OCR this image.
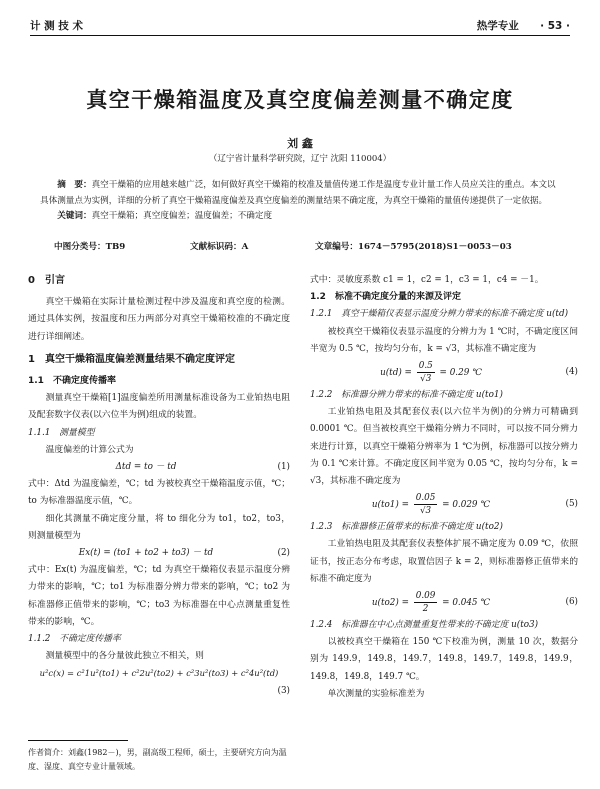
计 测 技 术	热学专业 · 53 ·
真空干燥箱温度及真空度偏差测量不确定度
刘 鑫
（辽宁省计量科学研究院，辽宁 沈阳 110004）
摘　要：真空干燥箱的应用越来越广泛，如何做好真空干燥箱的校准及量值传递工作是温度专业计量工作人员应关注的重点。本文以具体测量点为实例，详细的分析了真空干燥箱温度偏差及真空度偏差的测量结果不确定度，为真空干燥箱的量值传递提供了一定依据。
关键词：真空干燥箱；真空度偏差；温度偏差；不确定度
中图分类号：TB9	文献标识码：A	文章编号：1674－5795(2018)S1－0053－03

0　引言

真空干燥箱在实际计量检测过程中涉及温度和真空度的检测。通过具体实例，按温度和压力两部分对真空干燥箱校准的不确定度进行详细阐述。

1　真空干燥箱温度偏差测量结果不确定度评定

1.1　不确定度传播率

测量真空干燥箱[1]温度偏差所用测量标准设备为工业铂热电阻及配套数字仪表(以六位半为例)组成的装置。

1.1.1　测量模型

温度偏差的计算公式为

Δtd = to － td	(1)

式中：Δtd 为温度偏差，℃；td 为被校真空干燥箱温度示值，℃；to 为标准器温度示值，℃。

细化其测量不确定度分量，将 to 细化分为 to1，to2，to3，则测量模型为

Ex(t) = (to1 + to2 + to3) － td	(2)

式中：Ex(t) 为温度偏差，℃；td 为真空干燥箱仪表显示温度分辨力带来的影响，℃；to1 为标准器分辨力带来的影响，℃；to2 为标准器修正值带来的影响，℃；to3 为标准器在中心点测量重复性带来的影响，℃。

1.1.2　不确定度传播率

测量模型中的各分量彼此独立不相关，则

u²c(x) = c²1u²(to1) + c²2u²(to2) + c²3u²(to3) + c²4u²(td)
(3)

式中：灵敏度系数 c1 = 1，c2 = 1，c3 = 1，c4 = －1。

1.2　标准不确定度分量的来源及评定

1.2.1　真空干燥箱仪表显示温度分辨力带来的标准不确定度 u(td)

被校真空干燥箱仪表显示温度的分辨力为 1 ℃时，不确定度区间半宽为 0.5 ℃，按均匀分布，k = √3，其标准不确定度为

$u(td) = \frac{0.5}{√3} = 0.29$ ℃	(4)

1.2.2　标准器分辨力带来的标准不确定度 u(to1)

工业铂热电阻及其配套仪表(以六位半为例)的分辨力可精确到 0.0001 ℃。但当被校真空干燥箱分辨力不同时，可以按不同分辨力来进行计算，以真空干燥箱分辨率为 1 ℃为例，标准器可以按分辨力为 0.1 ℃来计算。不确定度区间半宽为 0.05 ℃，按均匀分布，k = √3，其标准不确定度为

$u(to1) = \frac{0.05}{√3} = 0.029$ ℃	(5)

1.2.3　标准器修正值带来的标准不确定度 u(to2)

工业铂热电阻及其配套仪表整体扩展不确定度为 0.09 ℃，依照证书，按正态分布考虑，取置信因子 k = 2，则标准器修正值带来的标准不确定度为

$u(to2) = \frac{0.09}{2} = 0.045$ ℃	(6)

1.2.4　标准器在中心点测量重复性带来的不确定度 u(to3)

以被校真空干燥箱在 150 ℃下校准为例，测量 10 次，数据分别为 149.9，149.8，149.7，149.8，149.7，149.8，149.9，149.8，149.8，149.7 ℃。

单次测量的实验标准差为

作者简介：刘鑫(1982－)，男，副高级工程师，硕士，主要研究方向为温度、湿度、真空专业计量领域。
